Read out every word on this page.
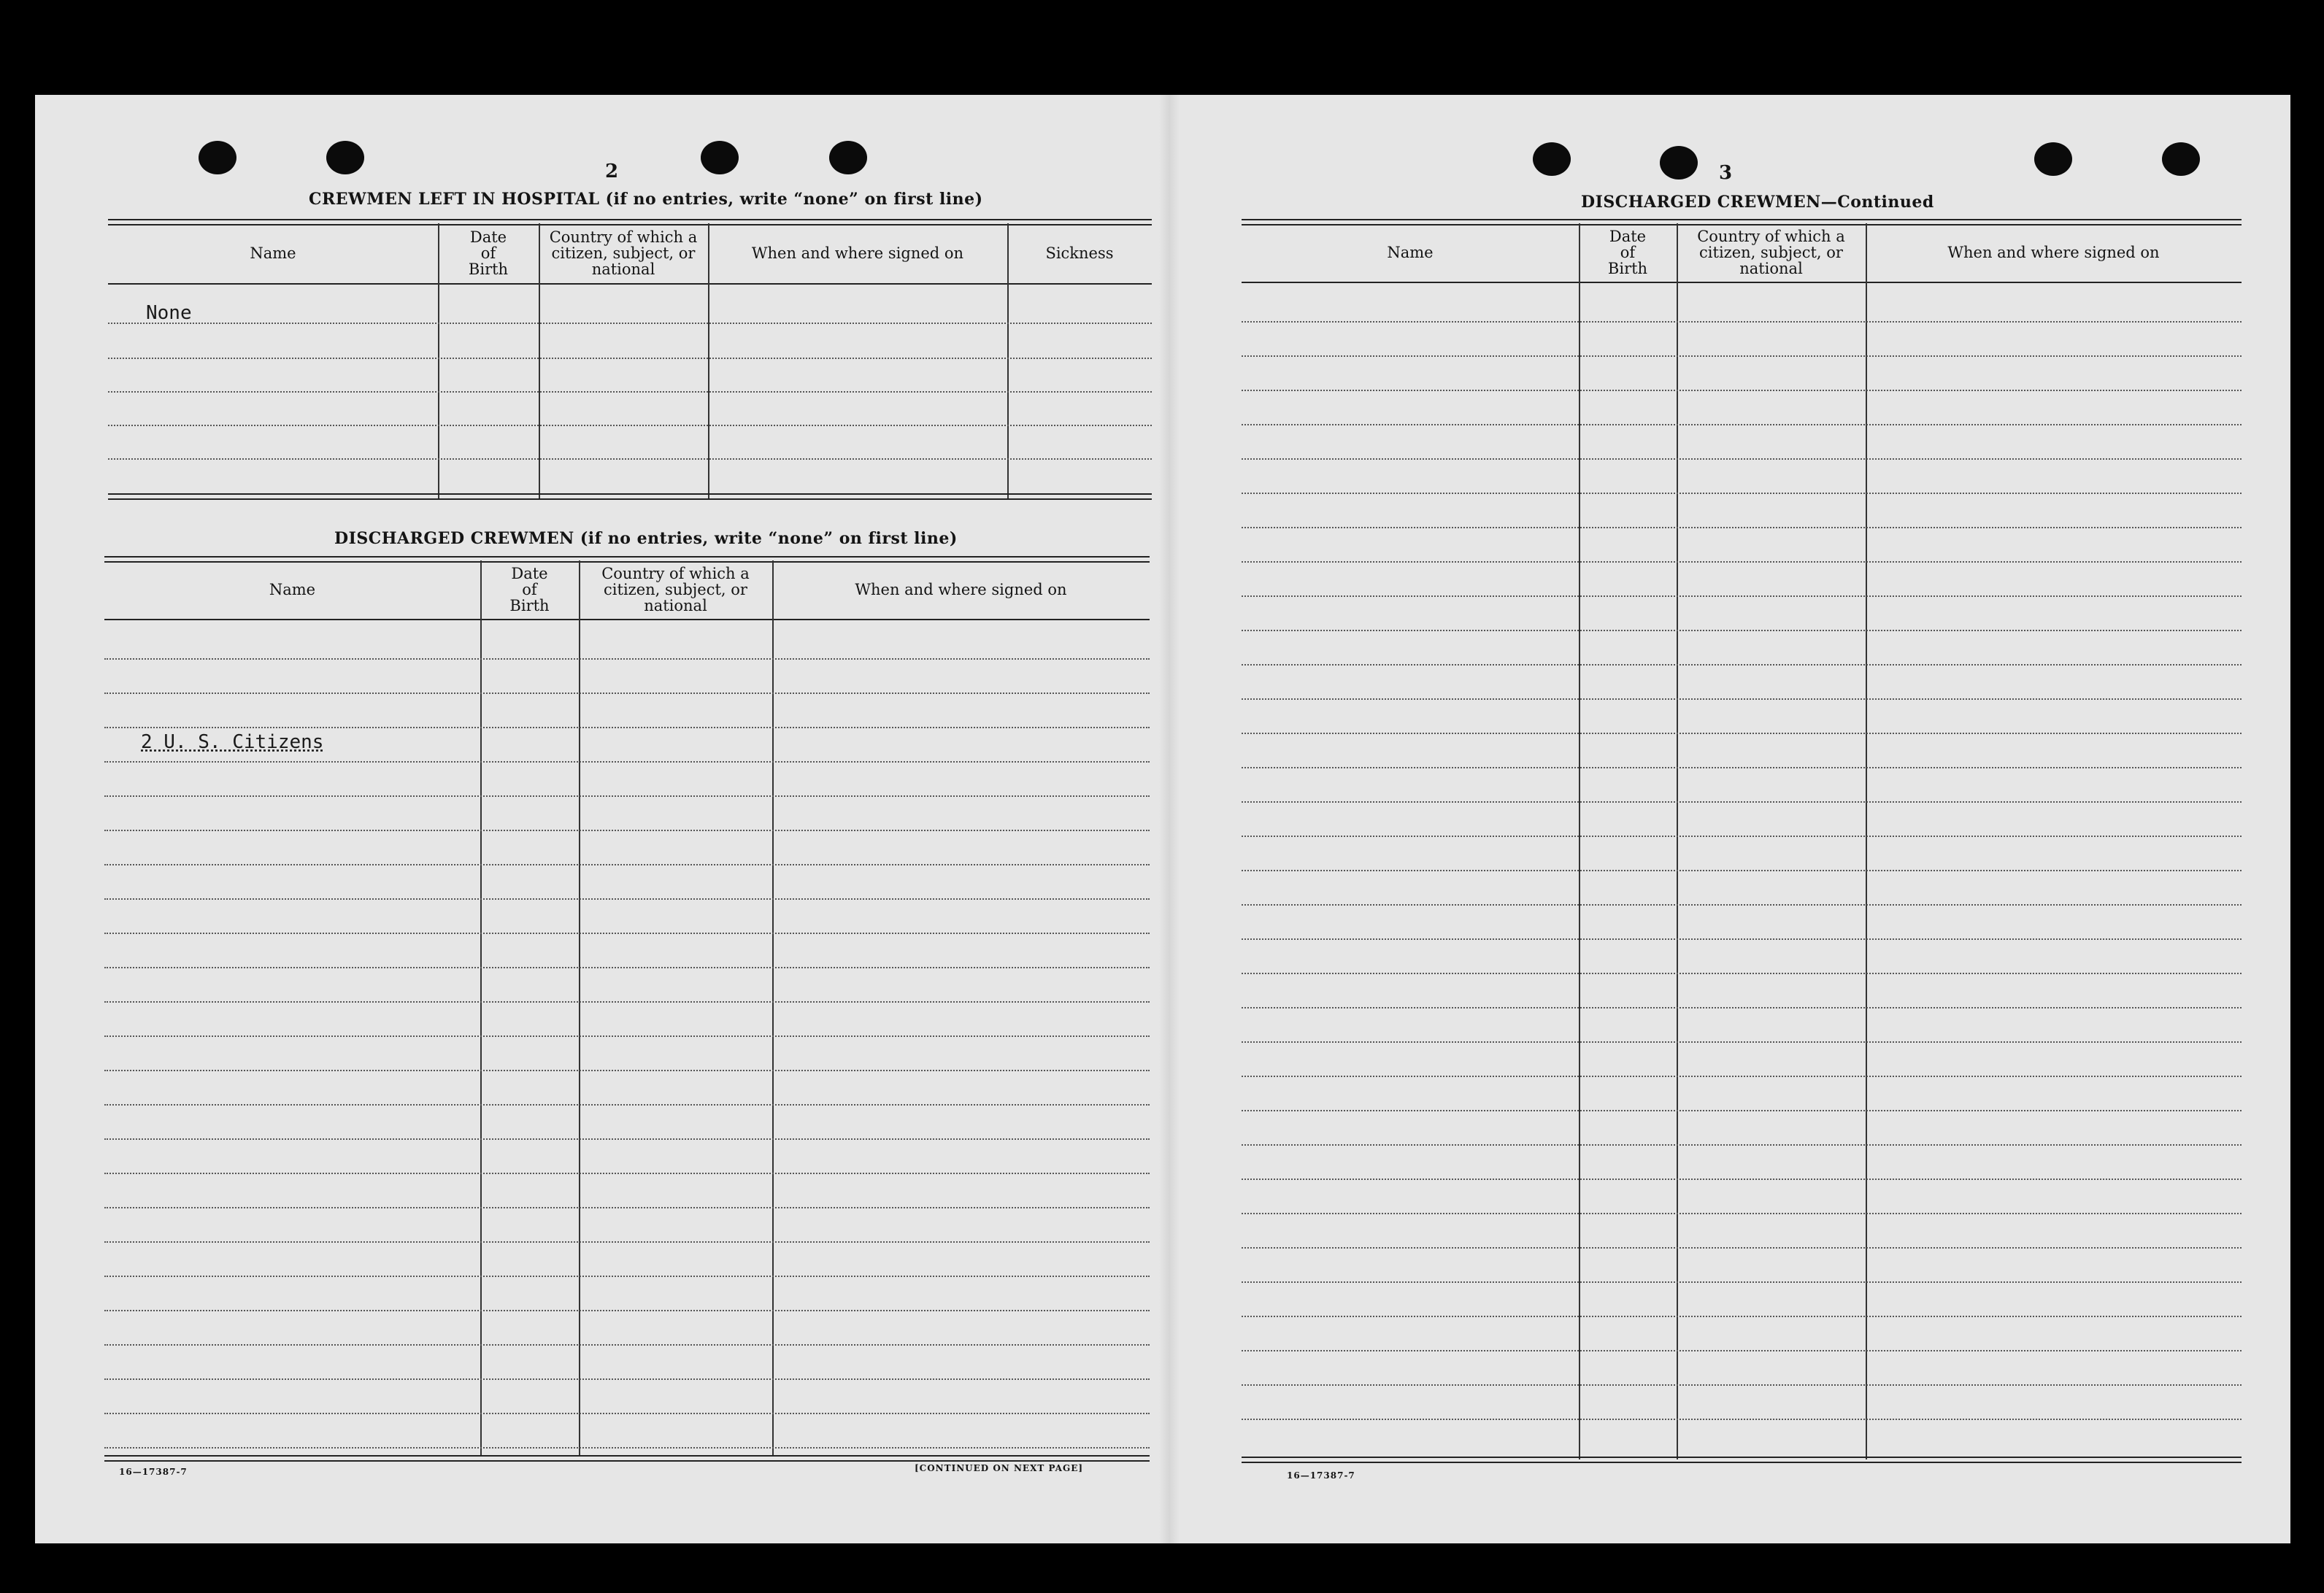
2
CREWMEN LEFT IN HOSPITAL (if no entries, write “none” on first line)
Name
Date
of
Birth
Country of which a
citizen, subject, or
national
When and where signed on	Sickness
None
DISCHARGED CREWMEN (if no entries, write “none” on first line)
Name
Date
of
Birth
Country of which a
citizen, subject, or
national
When and where signed on
2 U. S. Citizens
16—17387-7	[CONTINUED ON NEXT PAGE]
3
DISCHARGED CREWMEN—Continued
Name
Date
of
Birth
Country of which a
citizen, subject, or
national
When and where signed on
16—17387-7
